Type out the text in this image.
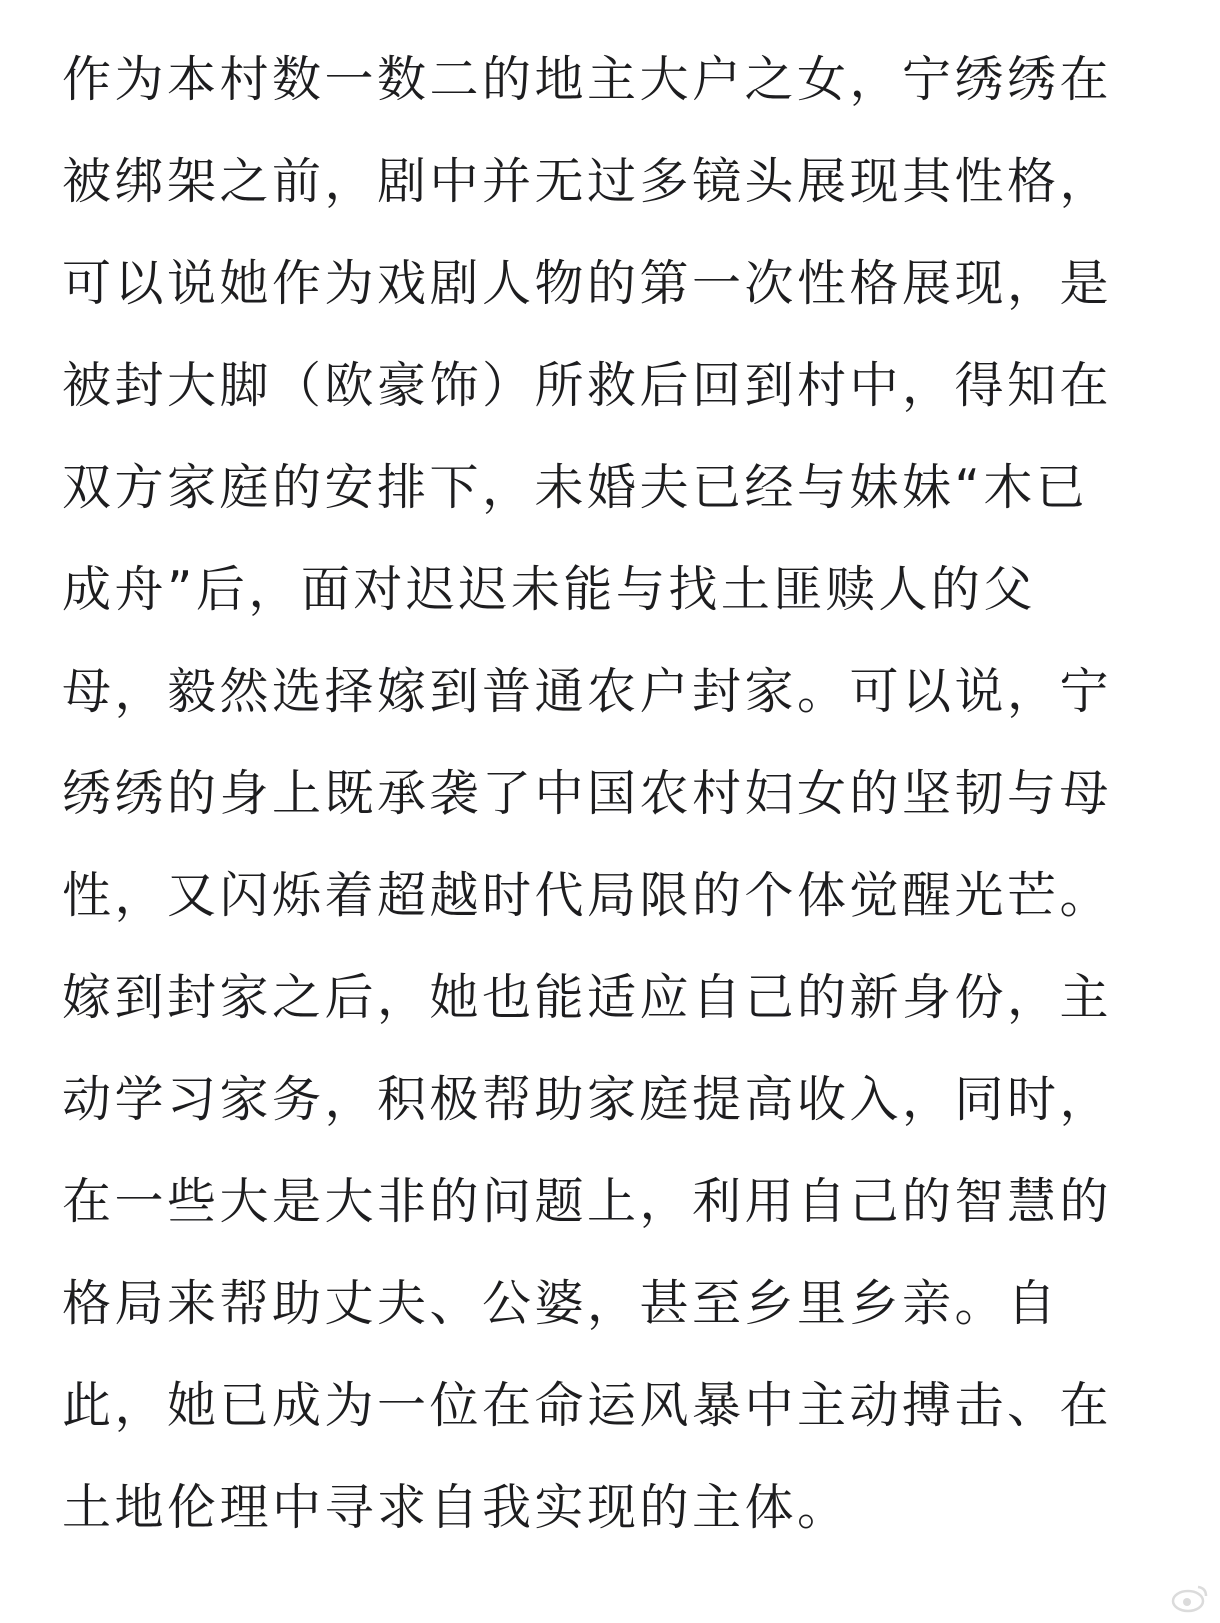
作为本村数一数二的地主大户之女，宁绣绣在
被绑架之前，剧中并无过多镜头展现其性格，
可以说她作为戏剧人物的第一次性格展现，是
被封大脚（欧豪饰）所救后回到村中，得知在
双方家庭的安排下，未婚夫已经与妹妹“木已
成舟”后，面对迟迟未能与找土匪赎人的父
母，毅然选择嫁到普通农户封家。可以说，宁
绣绣的身上既承袭了中国农村妇女的坚韧与母
性，又闪烁着超越时代局限的个体觉醒光芒。
嫁到封家之后，她也能适应自己的新身份，主
动学习家务，积极帮助家庭提高收入，同时，
在一些大是大非的问题上，利用自己的智慧的
格局来帮助丈夫、公婆，甚至乡里乡亲。自
此，她已成为一位在命运风暴中主动搏击、在
土地伦理中寻求自我实现的主体。
